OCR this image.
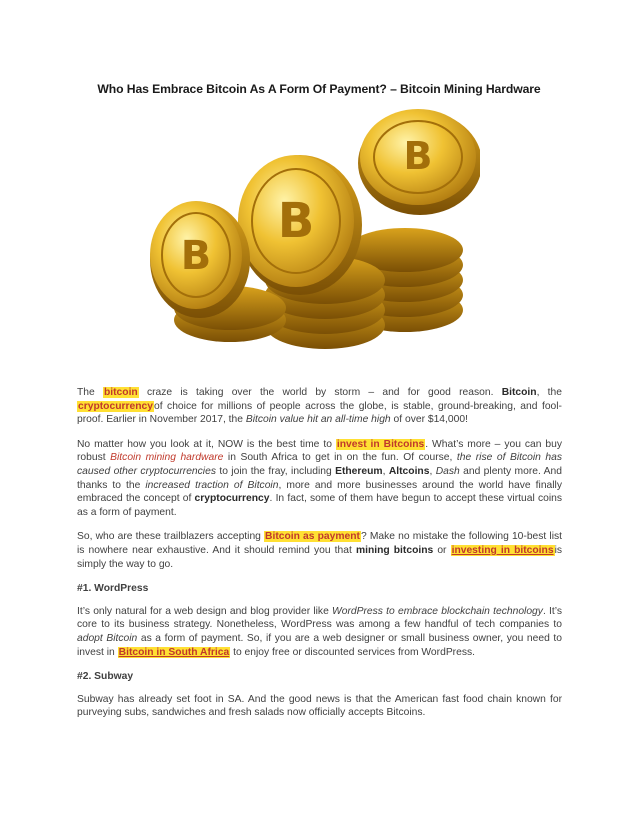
Who Has Embrace Bitcoin As A Form Of Payment? – Bitcoin Mining Hardware
B
B
B

The bitcoin craze is taking over the world by storm – and for good reason. Bitcoin, the cryptocurrencyof choice for millions of people across the globe, is stable, ground-breaking, and fool-proof. Earlier in November 2017, the Bitcoin value hit an all-time high of over $14,000!

No matter how you look at it, NOW is the best time to invest in Bitcoins. What’s more – you can buy robust Bitcoin mining hardware in South Africa to get in on the fun. Of course, the rise of Bitcoin has caused other cryptocurrencies to join the fray, including Ethereum, Altcoins, Dash and plenty more. And thanks to the increased traction of Bitcoin, more and more businesses around the world have finally embraced the concept of cryptocurrency. In fact, some of them have begun to accept these virtual coins as a form of payment.

So, who are these trailblazers accepting Bitcoin as payment? Make no mistake the following 10-best list is nowhere near exhaustive. And it should remind you that mining bitcoins or investing in bitcoinsis simply the way to go.

#1. WordPress

It’s only natural for a web design and blog provider like WordPress to embrace blockchain technology. It’s core to its business strategy. Nonetheless, WordPress was among a few handful of tech companies to adopt Bitcoin as a form of payment. So, if you are a web designer or small business owner, you need to invest in Bitcoin in South Africa to enjoy free or discounted services from WordPress.

#2. Subway

Subway has already set foot in SA. And the good news is that the American fast food chain known for purveying subs, sandwiches and fresh salads now officially accepts Bitcoins.
